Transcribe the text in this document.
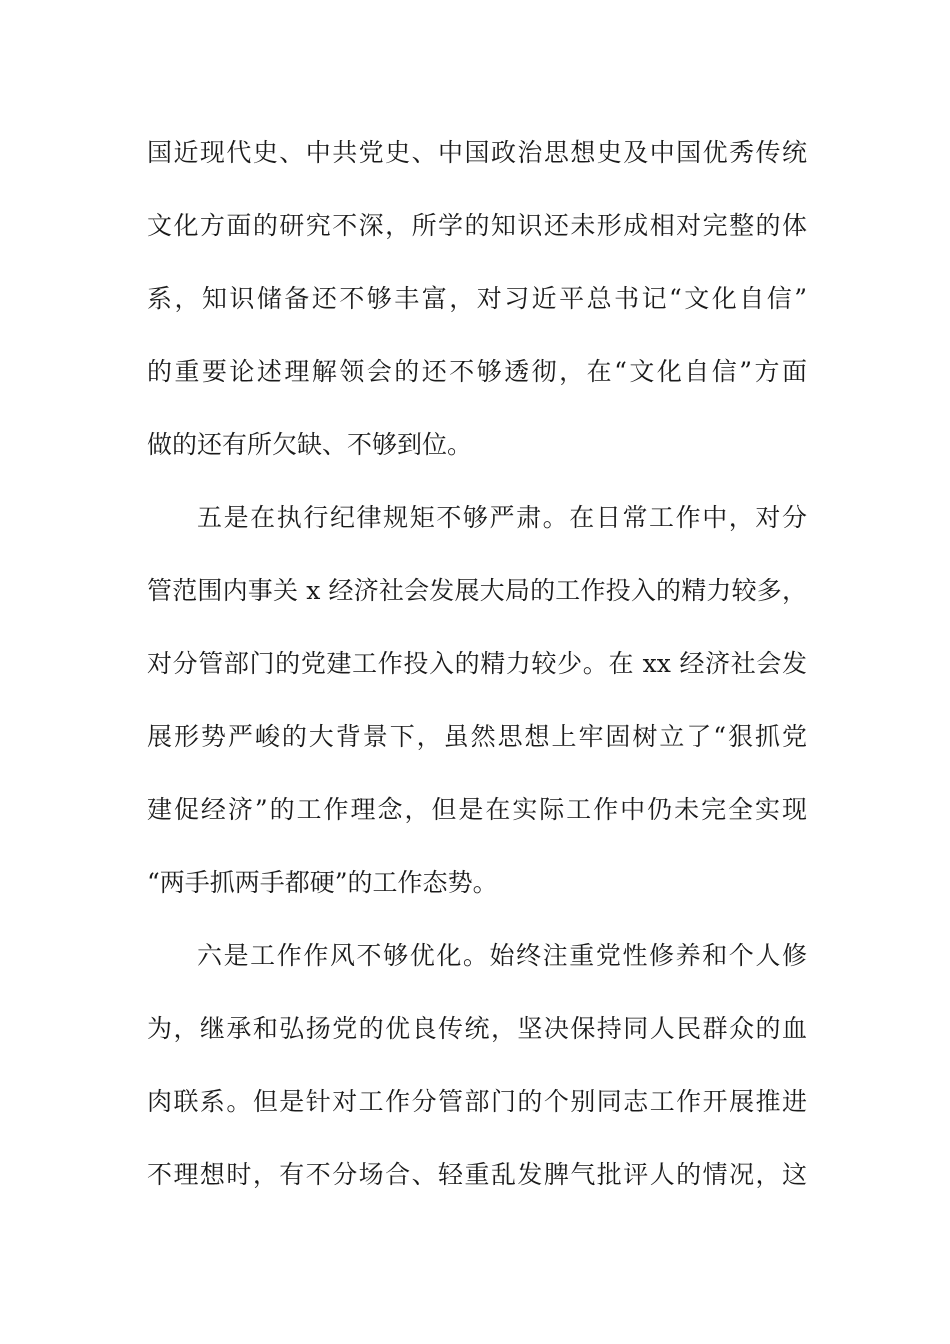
国近现代史、中共党史、中国政治思想史及中国优秀传统
文化方面的研究不深，所学的知识还未形成相对完整的体
系，知识储备还不够丰富，对习近平总书记“文化自信”
的重要论述理解领会的还不够透彻，在“文化自信”方面
做的还有所欠缺、不够到位。
五是在执行纪律规矩不够严肃。在日常工作中，对分
管范围内事关 x 经济社会发展大局的工作投入的精力较多，
对分管部门的党建工作投入的精力较少。在 xx 经济社会发
展形势严峻的大背景下，虽然思想上牢固树立了“狠抓党
建促经济”的工作理念，但是在实际工作中仍未完全实现
“两手抓两手都硬”的工作态势。
六是工作作风不够优化。始终注重党性修养和个人修
为，继承和弘扬党的优良传统，坚决保持同人民群众的血
肉联系。但是针对工作分管部门的个别同志工作开展推进
不理想时，有不分场合、轻重乱发脾气批评人的情况，这
